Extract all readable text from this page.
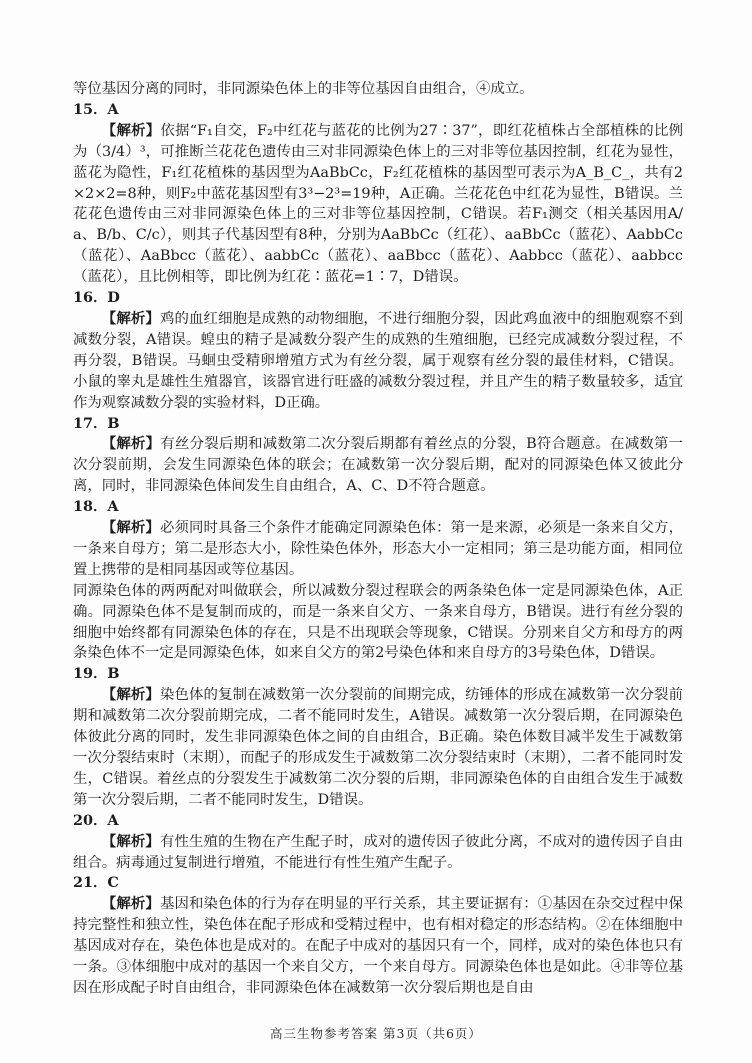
等位基因分离的同时，非同源染色体上的非等位基因自由组合，④成立。

15．A

【解析】依据“F₁自交，F₂中红花与蓝花的比例为27∶37”，即红花植株占全部植株的比例为（3/4）³，可推断兰花花色遗传由三对非同源染色体上的三对非等位基因控制，红花为显性，蓝花为隐性，F₁红花植株的基因型为AaBbCc，F₂红花植株的基因型可表示为A_B_C_，共有2×2×2=8种，则F₂中蓝花基因型有3³−2³=19种，A正确。兰花花色中红花为显性，B错误。兰花花色遗传由三对非同源染色体上的三对非等位基因控制，C错误。若F₁测交（相关基因用A/a、B/b、C/c），则其子代基因型有8种，分别为AaBbCc（红花）、aaBbCc（蓝花）、AabbCc（蓝花）、AaBbcc（蓝花）、aabbCc（蓝花）、aaBbcc（蓝花）、Aabbcc（蓝花）、aabbcc（蓝花），且比例相等，即比例为红花∶蓝花=1∶7，D错误。

16．D

【解析】鸡的血红细胞是成熟的动物细胞，不进行细胞分裂，因此鸡血液中的细胞观察不到减数分裂，A错误。蝗虫的精子是减数分裂产生的成熟的生殖细胞，已经完成减数分裂过程，不再分裂，B错误。马蛔虫受精卵增殖方式为有丝分裂，属于观察有丝分裂的最佳材料，C错误。小鼠的睾丸是雄性生殖器官，该器官进行旺盛的减数分裂过程，并且产生的精子数量较多，适宜作为观察减数分裂的实验材料，D正确。

17．B

【解析】有丝分裂后期和减数第二次分裂后期都有着丝点的分裂，B符合题意。在减数第一次分裂前期，会发生同源染色体的联会；在减数第一次分裂后期，配对的同源染色体又彼此分离，同时，非同源染色体间发生自由组合，A、C、D不符合题意。

18．A

【解析】必须同时具备三个条件才能确定同源染色体：第一是来源，必须是一条来自父方，一条来自母方；第二是形态大小，除性染色体外，形态大小一定相同；第三是功能方面，相同位置上携带的是相同基因或等位基因。

同源染色体的两两配对叫做联会，所以减数分裂过程联会的两条染色体一定是同源染色体，A正确。同源染色体不是复制而成的，而是一条来自父方、一条来自母方，B错误。进行有丝分裂的细胞中始终都有同源染色体的存在，只是不出现联会等现象，C错误。分别来自父方和母方的两条染色体不一定是同源染色体，如来自父方的第2号染色体和来自母方的3号染色体，D错误。

19．B

【解析】染色体的复制在减数第一次分裂前的间期完成，纺锤体的形成在减数第一次分裂前期和减数第二次分裂前期完成，二者不能同时发生，A错误。减数第一次分裂后期，在同源染色体彼此分离的同时，发生非同源染色体之间的自由组合，B正确。染色体数目减半发生于减数第一次分裂结束时（末期），而配子的形成发生于减数第二次分裂结束时（末期），二者不能同时发生，C错误。着丝点的分裂发生于减数第二次分裂的后期，非同源染色体的自由组合发生于减数第一次分裂后期，二者不能同时发生，D错误。

20．A

【解析】有性生殖的生物在产生配子时，成对的遗传因子彼此分离，不成对的遗传因子自由组合。病毒通过复制进行增殖，不能进行有性生殖产生配子。

21．C

【解析】基因和染色体的行为存在明显的平行关系，其主要证据有：①基因在杂交过程中保持完整性和独立性，染色体在配子形成和受精过程中，也有相对稳定的形态结构。②在体细胞中基因成对存在，染色体也是成对的。在配子中成对的基因只有一个，同样，成对的染色体也只有一条。③体细胞中成对的基因一个来自父方，一个来自母方。同源染色体也是如此。④非等位基因在形成配子时自由组合，非同源染色体在减数第一次分裂后期也是自由

高三生物参考答案 第3页（共6页）
